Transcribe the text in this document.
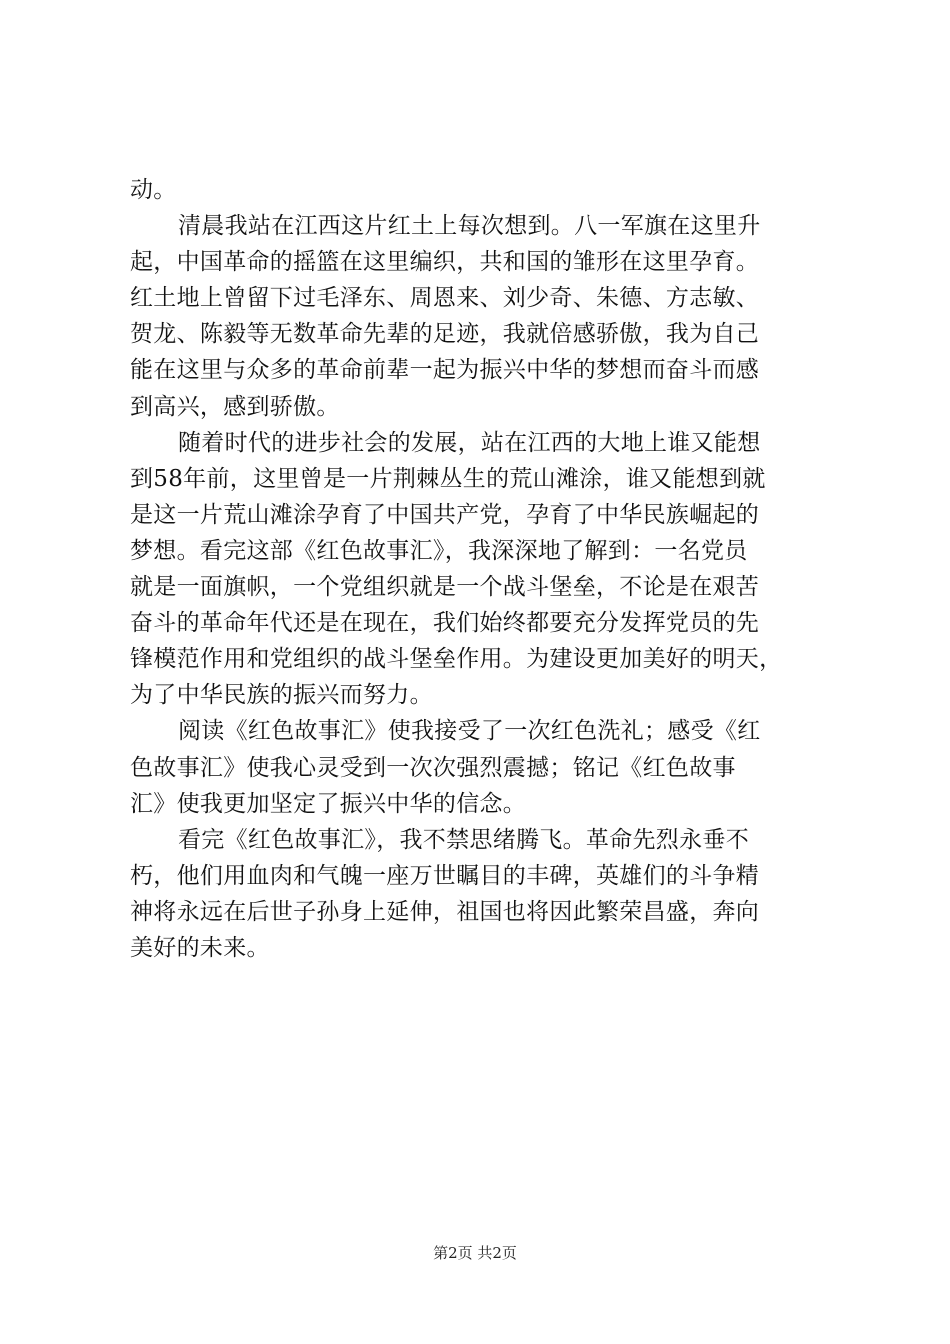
动。
清晨我站在江西这片红土上每次想到。八一军旗在这里升
起，中国革命的摇篮在这里编织，共和国的雏形在这里孕育。
红土地上曾留下过毛泽东、周恩来、刘少奇、朱德、方志敏、
贺龙、陈毅等无数革命先辈的足迹，我就倍感骄傲，我为自己
能在这里与众多的革命前辈一起为振兴中华的梦想而奋斗而感
到高兴，感到骄傲。
随着时代的进步社会的发展，站在江西的大地上谁又能想
到58年前，这里曾是一片荆棘丛生的荒山滩涂，谁又能想到就
是这一片荒山滩涂孕育了中国共产党，孕育了中华民族崛起的
梦想。看完这部《红色故事汇》，我深深地了解到：一名党员
就是一面旗帜，一个党组织就是一个战斗堡垒，不论是在艰苦
奋斗的革命年代还是在现在，我们始终都要充分发挥党员的先
锋模范作用和党组织的战斗堡垒作用。为建设更加美好的明天，
为了中华民族的振兴而努力。
阅读《红色故事汇》使我接受了一次红色洗礼；感受《红
色故事汇》使我心灵受到一次次强烈震撼；铭记《红色故事
汇》使我更加坚定了振兴中华的信念。
看完《红色故事汇》，我不禁思绪腾飞。革命先烈永垂不
朽，他们用血肉和气魄一座万世瞩目的丰碑，英雄们的斗争精
神将永远在后世子孙身上延伸，祖国也将因此繁荣昌盛，奔向
美好的未来。
第2页 共2页
